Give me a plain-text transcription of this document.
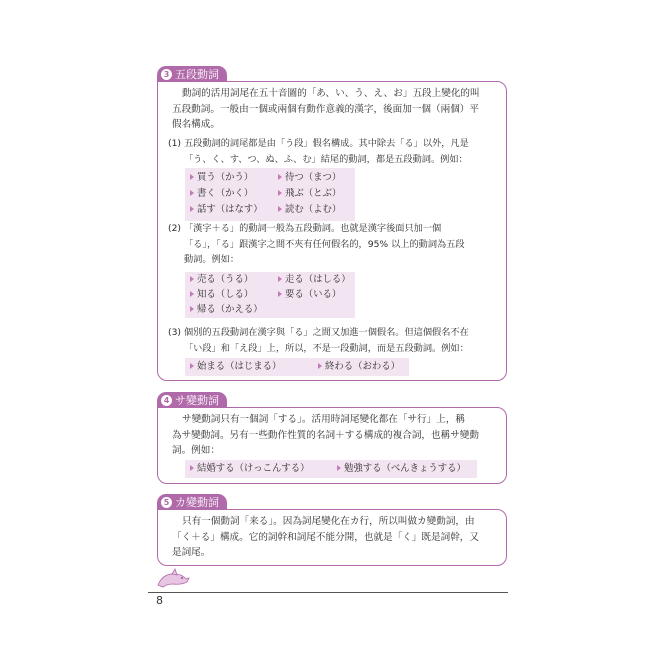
3 五段動詞
動詞的活用詞尾在五十音圖的「あ、い、う、え、お」五段上變化的叫
五段動詞。一般由一個或兩個有動作意義的漢字，後面加一個（兩個）平
假名構成。
(1) 五段動詞的詞尾都是由「う段」假名構成。其中除去「る」以外，凡是
「う、く、す、つ、ぬ、ふ、む」結尾的動詞，都是五段動詞。例如：
買う（かう）	待つ（まつ）
書く（かく）	飛ぶ（とぶ）
話す（はなす）	読む（よむ）
(2) 「漢字＋る」的動詞一般為五段動詞。也就是漢字後面只加一個
「る」，「る」跟漢字之間不夾有任何假名的，95% 以上的動詞為五段
動詞。例如：
売る（うる）	走る（はしる）
知る（しる）	要る（いる）
帰る（かえる）
(3) 個別的五段動詞在漢字與「る」之間又加進一個假名。但這個假名不在
「い段」和「え段」上，所以，不是一段動詞，而是五段動詞。例如：
始まる（はじまる）	終わる（おわる）
4 サ變動詞
サ變動詞只有一個詞「する」。活用時詞尾變化都在「サ行」上，稱
為サ變動詞。另有一些動作性質的名詞＋する構成的複合詞，也稱サ變動
詞。例如：
結婚する（けっこんする）	勉強する（べんきょうする）
5 カ變動詞
只有一個動詞「来る」。因為詞尾變化在カ行，所以叫做カ變動詞，由
「く＋る」構成。它的詞幹和詞尾不能分開，也就是「く」既是詞幹，又
是詞尾。
8
